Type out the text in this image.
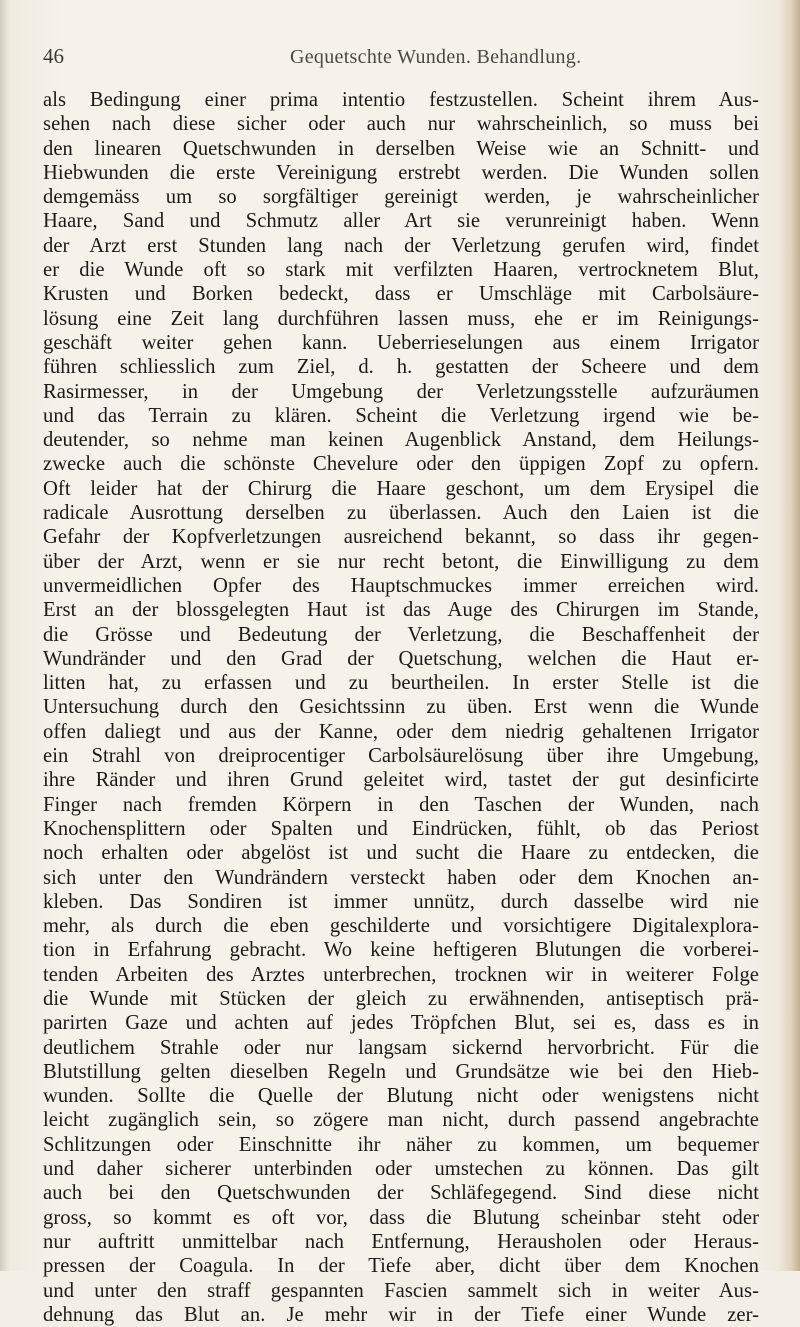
46	Gequetschte Wunden. Behandlung.
als Bedingung einer prima intentio festzustellen. Scheint ihrem Aus-
sehen nach diese sicher oder auch nur wahrscheinlich, so muss bei
den linearen Quetschwunden in derselben Weise wie an Schnitt- und
Hiebwunden die erste Vereinigung erstrebt werden. Die Wunden sollen
demgemäss um so sorgfältiger gereinigt werden, je wahrscheinlicher
Haare, Sand und Schmutz aller Art sie verunreinigt haben. Wenn
der Arzt erst Stunden lang nach der Verletzung gerufen wird, findet
er die Wunde oft so stark mit verfilzten Haaren, vertrocknetem Blut,
Krusten und Borken bedeckt, dass er Umschläge mit Carbolsäure-
lösung eine Zeit lang durchführen lassen muss, ehe er im Reinigungs-
geschäft weiter gehen kann. Ueberrieselungen aus einem Irrigator
führen schliesslich zum Ziel, d. h. gestatten der Scheere und dem
Rasirmesser, in der Umgebung der Verletzungsstelle aufzuräumen
und das Terrain zu klären. Scheint die Verletzung irgend wie be-
deutender, so nehme man keinen Augenblick Anstand, dem Heilungs-
zwecke auch die schönste Chevelure oder den üppigen Zopf zu opfern.
Oft leider hat der Chirurg die Haare geschont, um dem Erysipel die
radicale Ausrottung derselben zu überlassen. Auch den Laien ist die
Gefahr der Kopfverletzungen ausreichend bekannt, so dass ihr gegen-
über der Arzt, wenn er sie nur recht betont, die Einwilligung zu dem
unvermeidlichen Opfer des Hauptschmuckes immer erreichen wird.
Erst an der blossgelegten Haut ist das Auge des Chirurgen im Stande,
die Grösse und Bedeutung der Verletzung, die Beschaffenheit der
Wundränder und den Grad der Quetschung, welchen die Haut er-
litten hat, zu erfassen und zu beurtheilen. In erster Stelle ist die
Untersuchung durch den Gesichtssinn zu üben. Erst wenn die Wunde
offen daliegt und aus der Kanne, oder dem niedrig gehaltenen Irrigator
ein Strahl von dreiprocentiger Carbolsäurelösung über ihre Umgebung,
ihre Ränder und ihren Grund geleitet wird, tastet der gut desinficirte
Finger nach fremden Körpern in den Taschen der Wunden, nach
Knochensplittern oder Spalten und Eindrücken, fühlt, ob das Periost
noch erhalten oder abgelöst ist und sucht die Haare zu entdecken, die
sich unter den Wundrändern versteckt haben oder dem Knochen an-
kleben. Das Sondiren ist immer unnütz, durch dasselbe wird nie
mehr, als durch die eben geschilderte und vorsichtigere Digitalexplora-
tion in Erfahrung gebracht. Wo keine heftigeren Blutungen die vorberei-
tenden Arbeiten des Arztes unterbrechen, trocknen wir in weiterer Folge
die Wunde mit Stücken der gleich zu erwähnenden, antiseptisch prä-
parirten Gaze und achten auf jedes Tröpfchen Blut, sei es, dass es in
deutlichem Strahle oder nur langsam sickernd hervorbricht. Für die
Blutstillung gelten dieselben Regeln und Grundsätze wie bei den Hieb-
wunden. Sollte die Quelle der Blutung nicht oder wenigstens nicht
leicht zugänglich sein, so zögere man nicht, durch passend angebrachte
Schlitzungen oder Einschnitte ihr näher zu kommen, um bequemer
und daher sicherer unterbinden oder umstechen zu können. Das gilt
auch bei den Quetschwunden der Schläfegegend. Sind diese nicht
gross, so kommt es oft vor, dass die Blutung scheinbar steht oder
nur auftritt unmittelbar nach Entfernung, Herausholen oder Heraus-
pressen der Coagula. In der Tiefe aber, dicht über dem Knochen
und unter den straff gespannten Fascien sammelt sich in weiter Aus-
dehnung das Blut an. Je mehr wir in der Tiefe einer Wunde zer-
